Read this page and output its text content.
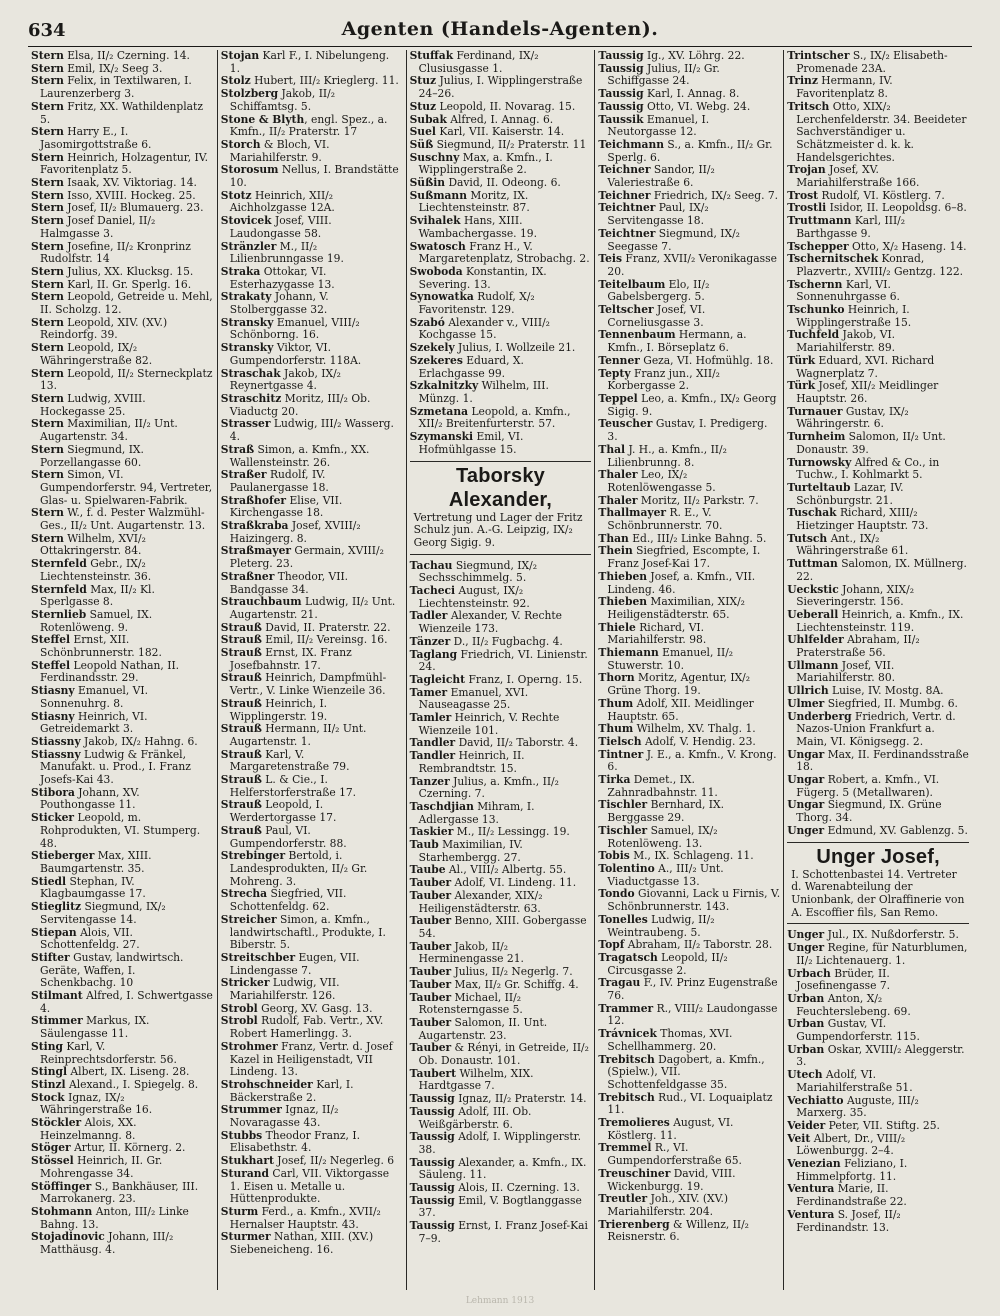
634	Agenten (Handels-Agenten).
Stern Elsa, II/₂ Czerning. 14.
Stern Emil, IX/₂ Seeg 3.
Stern Felix, in Textilwaren, I. Laurenzerberg 3.
Stern Fritz, XX. Wathildenplatz 5.
Stern Harry E., I. Jasomirgottstraße 6.
Stern Heinrich, Holzagentur, IV. Favoritenplatz 5.
Stern Isaak, XV. Viktoriag. 14.
Stern Isso, XVIII. Hockeg. 25.
Stern Josef, II/₂ Blumauerg. 23.
Stern Josef Daniel, II/₂ Halmgasse 3.
Stern Josefine, II/₂ Kronprinz Rudolfstr. 14
Stern Julius, XX. Klucksg. 15.
Stern Karl, II. Gr. Sperlg. 16.
Stern Leopold, Getreide u. Mehl, II. Scholzg. 12.
Stern Leopold, XIV. (XV.) Reindorfg. 39.
Stern Leopold, IX/₂ Währingerstraße 82.
Stern Leopold, II/₂ Sterneckplatz 13.
Stern Ludwig, XVIII. Hockegasse 25.
Stern Maximilian, II/₂ Unt. Augartenstr. 34.
Stern Siegmund, IX. Porzellangasse 60.
Stern Simon, VI. Gumpendorferstr. 94, Vertreter, Glas- u. Spielwaren-Fabrik.
Stern W., f. d. Pester Walzmühl-Ges., II/₂ Unt. Augartenstr. 13.
Stern Wilhelm, XVI/₂ Ottakringerstr. 84.
Sternfeld Gebr., IX/₂ Liechtensteinstr. 36.
Sternfeld Max, II/₂ Kl. Sperlgasse 8.
Sternlieb Samuel, IX. Rotenlöweng. 9.
Steffel Ernst, XII. Schönbrunnerstr. 182.
Steffel Leopold Nathan, II. Ferdinandsstr. 29.
Stiasny Emanuel, VI. Sonnenuhrg. 8.
Stiasny Heinrich, VI. Getreidemarkt 3.
Stiassny Jakob, IX/₂ Hahng. 6.
Stiassny Ludwig & Fränkel, Manufakt. u. Prod., I. Franz Josefs-Kai 43.
Stibora Johann, XV. Pouthongasse 11.
Sticker Leopold, m. Rohprodukten, VI. Stumperg. 48.
Stieberger Max, XIII. Baumgartenstr. 35.
Stiedl Stephan, IV. Klagbaumgasse 17.
Stieglitz Siegmund, IX/₂ Servitengasse 14.
Stiepan Alois, VII. Schottenfeldg. 27.
Stifter Gustav, landwirtsch. Geräte, Waffen, I. Schenkbachg. 10
Stilmant Alfred, I. Schwertgasse 4.
Stimmer Markus, IX. Säulengasse 11.
Sting Karl, V. Reinprechtsdorferstr. 56.
Stingl Albert, IX. Liseng. 28.
Stinzl Alexand., I. Spiegelg. 8.
Stock Ignaz, IX/₂ Währingerstraße 16.
Stöckler Alois, XX. Heinzelmanng. 8.
Stöger Artur, II. Körnerg. 2.
Stössel Heinrich, II. Gr. Mohrengasse 34.
Stöffinger S., Bankhäuser, III. Marrokanerg. 23.
Stohmann Anton, III/₂ Linke Bahng. 13.
Stojadinovic Johann, III/₂ Matthäusg. 4.
Stojan Karl F., I. Nibelungeng. 1.
Stolz Hubert, III/₂ Krieglerg. 11.
Stolzberg Jakob, II/₂ Schiffamtsg. 5.
Stone & Blyth, engl. Spez., a. Kmfn., II/₂ Praterstr. 17
Storch & Bloch, VI. Mariahilferstr. 9.
Storosum Nellus, I. Brandstätte 10.
Stotz Heinrich, XII/₂ Aichholzgasse 12A.
Stovicek Josef, VIII. Laudongasse 58.
Stränzler M., II/₂ Lilienbrunngasse 19.
Straka Ottokar, VI. Esterhazygasse 13.
Strakaty Johann, V. Stolberggasse 32.
Stransky Emanuel, VIII/₂ Schönborng. 16.
Stransky Viktor, VI. Gumpendorferstr. 118A.
Straschak Jakob, IX/₂ Reynertgasse 4.
Straschitz Moritz, III/₂ Ob. Viaductg 20.
Strasser Ludwig, III/₂ Wasserg. 4.
Straß Simon, a. Kmfn., XX. Wallensteinstr. 26.
Straßer Rudolf, IV. Paulanergasse 18.
Straßhofer Elise, VII. Kirchengasse 18.
Straßkraba Josef, XVIII/₂ Haizingerg. 8.
Straßmayer Germain, XVIII/₂ Pleterg. 23.
Straßner Theodor, VII. Bandgasse 34.
Strauchbaum Ludwig, II/₂ Unt. Augartenstr. 21.
Strauß David, II. Praterstr. 22.
Strauß Emil, II/₂ Vereinsg. 16.
Strauß Ernst, IX. Franz Josefbahnstr. 17.
Strauß Heinrich, Dampfmühl-Vertr., V. Linke Wienzeile 36.
Strauß Heinrich, I. Wipplingerstr. 19.
Strauß Hermann, II/₂ Unt. Augartenstr. 1.
Strauß Karl, V. Margaretenstraße 79.
Strauß L. & Cie., I. Helferstorferstraße 17.
Strauß Leopold, I. Werdertorgasse 17.
Strauß Paul, VI. Gumpendorferstr. 88.
Strebinger Bertold, i. Landesprodukten, II/₂ Gr. Mohreng. 3.
Strecha Siegfried, VII. Schottenfeldg. 62.
Streicher Simon, a. Kmfn., landwirtschaftl., Produkte, I. Biberstr. 5.
Streitschber Eugen, VII. Lindengasse 7.
Stricker Ludwig, VII. Mariahilferstr. 126.
Strobl Georg, XV. Gasg. 13.
Strobl Rudolf, Fab. Vertr., XV. Robert Hamerlingg. 3.
Strohmer Franz, Vertr. d. Josef Kazel in Heiligenstadt, VII Lindeng. 13.
Strohschneider Karl, I. Bäckerstraße 2.
Strummer Ignaz, II/₂ Novaragasse 43.
Stubbs Theodor Franz, I. Elisabethstr. 4.
Stukhart Josef, II/₂ Negerleg. 6
Sturand Carl, VII. Viktorgasse 1. Eisen u. Metalle u. Hüttenprodukte.
Sturm Ferd., a. Kmfn., XVII/₂ Hernalser Hauptstr. 43.
Sturmer Nathan, XIII. (XV.) Siebeneicheng. 16.
Stuffak Ferdinand, IX/₂ Clusiusgasse 1.
Stuz Julius, I. Wipplingerstraße 24–26.
Stuz Leopold, II. Novarag. 15.
Subak Alfred, I. Annag. 6.
Suel Karl, VII. Kaiserstr. 14.
Süß Siegmund, II/₂ Praterstr. 11
Suschny Max, a. Kmfn., I. Wipplingerstraße 2.
Süßin David, II. Odeong. 6.
Sußmann Moritz, IX. Liechtensteinstr. 87.
Svihalek Hans, XIII. Wambachergasse. 19.
Swatosch Franz H., V. Margaretenplatz, Strobachg. 2.
Swoboda Konstantin, IX. Severing. 13.
Synowatka Rudolf, X/₂ Favoritenstr. 129.
Szabó Alexander v., VIII/₂ Kochgasse 15.
Szekely Julius, I. Wollzeile 21.
Szekeres Eduard, X. Erlachgasse 99.
Szkalnitzky Wilhelm, III. Münzg. 1.
Szmetana Leopold, a. Kmfn., XII/₂ Breitenfurterstr. 57.
Szymanski Emil, VI. Hofmühlgasse 15.
Taborsky Alexander,
Vertretung und Lager der Fritz Schulz jun. A.-G. Leipzig, IX/₂ Georg Sigig. 9.
Tachau Siegmund, IX/₂ Sechsschimmelg. 5.
Tacheci August, IX/₂ Liechtensteinstr. 92.
Tadler Alexander, V. Rechte Wienzeile 173.
Tänzer D., II/₂ Fugbachg. 4.
Taglang Friedrich, VI. Linienstr. 24.
Tagleicht Franz, I. Operng. 15.
Tamer Emanuel, XVI. Nauseagasse 25.
Tamler Heinrich, V. Rechte Wienzeile 101.
Tandler David, II/₂ Taborstr. 4.
Tandler Heinrich, II. Rembrandtstr. 15.
Tanzer Julius, a. Kmfn., II/₂ Czerning. 7.
Taschdjian Mihram, I. Adlergasse 13.
Taskier M., II/₂ Lessingg. 19.
Taub Maximilian, IV. Starhembergg. 27.
Taube Al., VIII/₂ Albertg. 55.
Tauber Adolf, VI. Lindeng. 11.
Tauber Alexander, XIX/₂ Heiligenstädterstr. 63.
Tauber Benno, XIII. Gobergasse 54.
Tauber Jakob, II/₂ Herminengasse 21.
Tauber Julius, II/₂ Negerlg. 7.
Tauber Max, II/₂ Gr. Schiffg. 4.
Tauber Michael, II/₂ Rotensterngasse 5.
Tauber Salomon, II. Unt. Augartenstr. 23.
Tauber & Rényi, in Getreide, II/₂ Ob. Donaustr. 101.
Taubert Wilhelm, XIX. Hardtgasse 7.
Taussig Ignaz, II/₂ Praterstr. 14.
Taussig Adolf, III. Ob. Weißgärberstr. 6.
Taussig Adolf, I. Wipplingerstr. 38.
Taussig Alexander, a. Kmfn., IX. Säuleng. 11.
Taussig Alois, II. Czerning. 13.
Taussig Emil, V. Bogtlanggasse 37.
Taussig Ernst, I. Franz Josef-Kai 7–9.
Taussig Ig., XV. Löhrg. 22.
Taussig Julius, II/₂ Gr. Schiffgasse 24.
Taussig Karl, I. Annag. 8.
Taussig Otto, VI. Webg. 24.
Taussik Emanuel, I. Neutorgasse 12.
Teichmann S., a. Kmfn., II/₂ Gr. Sperlg. 6.
Teichner Sandor, II/₂ Valeriestraße 6.
Teichner Friedrich, IX/₂ Seeg. 7.
Teichtner Paul, IX/₂ Servitengasse 18.
Teichtner Siegmund, IX/₂ Seegasse 7.
Teis Franz, XVII/₂ Veronikagasse 20.
Teitelbaum Elo, II/₂ Gabelsbergerg. 5.
Teltscher Josef, VI. Corneliusgasse 3.
Tennenbaum Hermann, a. Kmfn., I. Börseplatz 6.
Tenner Geza, VI. Hofmühlg. 18.
Tepty Franz jun., XII/₂ Korbergasse 2.
Teppel Leo, a. Kmfn., IX/₂ Georg Sigig. 9.
Teuscher Gustav, I. Predigerg. 3.
Thal J. H., a. Kmfn., II/₂ Lilienbrunng. 8.
Thaler Leo, IX/₂ Rotenlöwengasse 5.
Thaler Moritz, II/₂ Parkstr. 7.
Thallmayer R. E., V. Schönbrunnerstr. 70.
Than Ed., III/₂ Linke Bahng. 5.
Thein Siegfried, Escompte, I. Franz Josef-Kai 17.
Thieben Josef, a. Kmfn., VII. Lindeng. 46.
Thieben Maximilian, XIX/₂ Heiligenstädterstr. 65.
Thiele Richard, VI. Mariahilferstr. 98.
Thiemann Emanuel, II/₂ Stuwerstr. 10.
Thorn Moritz, Agentur, IX/₂ Grüne Thorg. 19.
Thum Adolf, XII. Meidlinger Hauptstr. 65.
Thum Wilhelm, XV. Thalg. 1.
Tielsch Adolf, V. Hendig. 23.
Tintner J. E., a. Kmfn., V. Krong. 6.
Tirka Demet., IX. Zahnradbahnstr. 11.
Tischler Bernhard, IX. Berggasse 29.
Tischler Samuel, IX/₂ Rotenlöweng. 13.
Tobis M., IX. Schlageng. 11.
Tolentino A., III/₂ Unt. Viaductgasse 13.
Tondo Giovanni, Lack u Firnis, V. Schönbrunnerstr. 143.
Tonelles Ludwig, II/₂ Weintraubeng. 5.
Topf Abraham, II/₂ Taborstr. 28.
Tragatsch Leopold, II/₂ Circusgasse 2.
Tragau F., IV. Prinz Eugenstraße 76.
Trammer R., VIII/₂ Laudongasse 12.
Trávnicek Thomas, XVI. Schellhammerg. 20.
Trebitsch Dagobert, a. Kmfn., (Spielw.), VII. Schottenfeldgasse 35.
Trebitsch Rud., VI. Loquaiplatz 11.
Tremolieres August, VI. Köstlerg. 11.
Tremmel R., VI. Gumpendorferstraße 65.
Treuschiner David, VIII. Wickenburgg. 19.
Treutler Joh., XIV. (XV.) Mariahilferstr. 204.
Trierenberg & Willenz, II/₂ Reisnerstr. 6.
Trintscher S., IX/₂ Elisabeth-Promenade 23A.
Trinz Hermann, IV. Favoritenplatz 8.
Tritsch Otto, XIX/₂ Lerchenfelderstr. 34. Beeideter Sachverständiger u. Schätzmeister d. k. k. Handelsgerichtes.
Trojan Josef, XV. Mariahilferstraße 166.
Trost Rudolf, VI. Köstlerg. 7.
Trostli Isidor, II. Leopoldsg. 6–8.
Truttmann Karl, III/₂ Barthgasse 9.
Tschepper Otto, X/₂ Haseng. 14.
Tschernitschek Konrad, Plazvertr., XVIII/₂ Gentzg. 122.
Tschernn Karl, VI. Sonnenuhrgasse 6.
Tschunko Heinrich, I. Wipplingerstraße 15.
Tuchfeld Jakob, VI. Mariahilferstr. 89.
Türk Eduard, XVI. Richard Wagnerplatz 7.
Türk Josef, XII/₂ Meidlinger Hauptstr. 26.
Turnauer Gustav, IX/₂ Währingerstr. 6.
Turnheim Salomon, II/₂ Unt. Donaustr. 39.
Turnowsky Alfred & Co., in Tuchw., I. Kohlmarkt 5.
Turteltaub Lazar, IV. Schönburgstr. 21.
Tuschak Richard, XIII/₂ Hietzinger Hauptstr. 73.
Tutsch Ant., IX/₂ Währingerstraße 61.
Tuttman Salomon, IX. Müllnerg. 22.
Ueckstic Johann, XIX/₂ Sieveringerstr. 156.
Ueberall Heinrich, a. Kmfn., IX. Liechtensteinstr. 119.
Uhlfelder Abraham, II/₂ Praterstraße 56.
Ullmann Josef, VII. Mariahilferstr. 80.
Ullrich Luise, IV. Mostg. 8A.
Ulmer Siegfried, II. Mumbg. 6.
Underberg Friedrich, Vertr. d. Nazos-Union Frankfurt a. Main, VI. Königsegg. 2.
Ungar Max, II. Ferdinandsstraße 18.
Ungar Robert, a. Kmfn., VI. Fügerg. 5 (Metallwaren).
Ungar Siegmund, IX. Grüne Thorg. 34.
Unger Edmund, XV. Gablenzg. 5.
Unger Josef,
I. Schottenbastei 14. Vertreter d. Warenabteilung der Unionbank, der Olraffinerie von A. Escoffier fils, San Remo.
Unger Jul., IX. Nußdorferstr. 5.
Unger Regine, für Naturblumen, II/₂ Lichtenauerg. 1.
Urbach Brüder, II. Josefinengasse 7.
Urban Anton, X/₂ Feuchterslebeng. 69.
Urban Gustav, VI. Gumpendorferstr. 115.
Urban Oskar, XVIII/₂ Aleggerstr. 3.
Utech Adolf, VI. Mariahilferstraße 51.
Vechiatto Auguste, III/₂ Marxerg. 35.
Veider Peter, VII. Stiftg. 25.
Veit Albert, Dr., VIII/₂ Löwenburgg. 2–4.
Venezian Feliziano, I. Himmelpfortg. 11.
Ventura Marie, II. Ferdinandstraße 22.
Ventura S. Josef, II/₂ Ferdinandstr. 13.
Lehmann 1913
